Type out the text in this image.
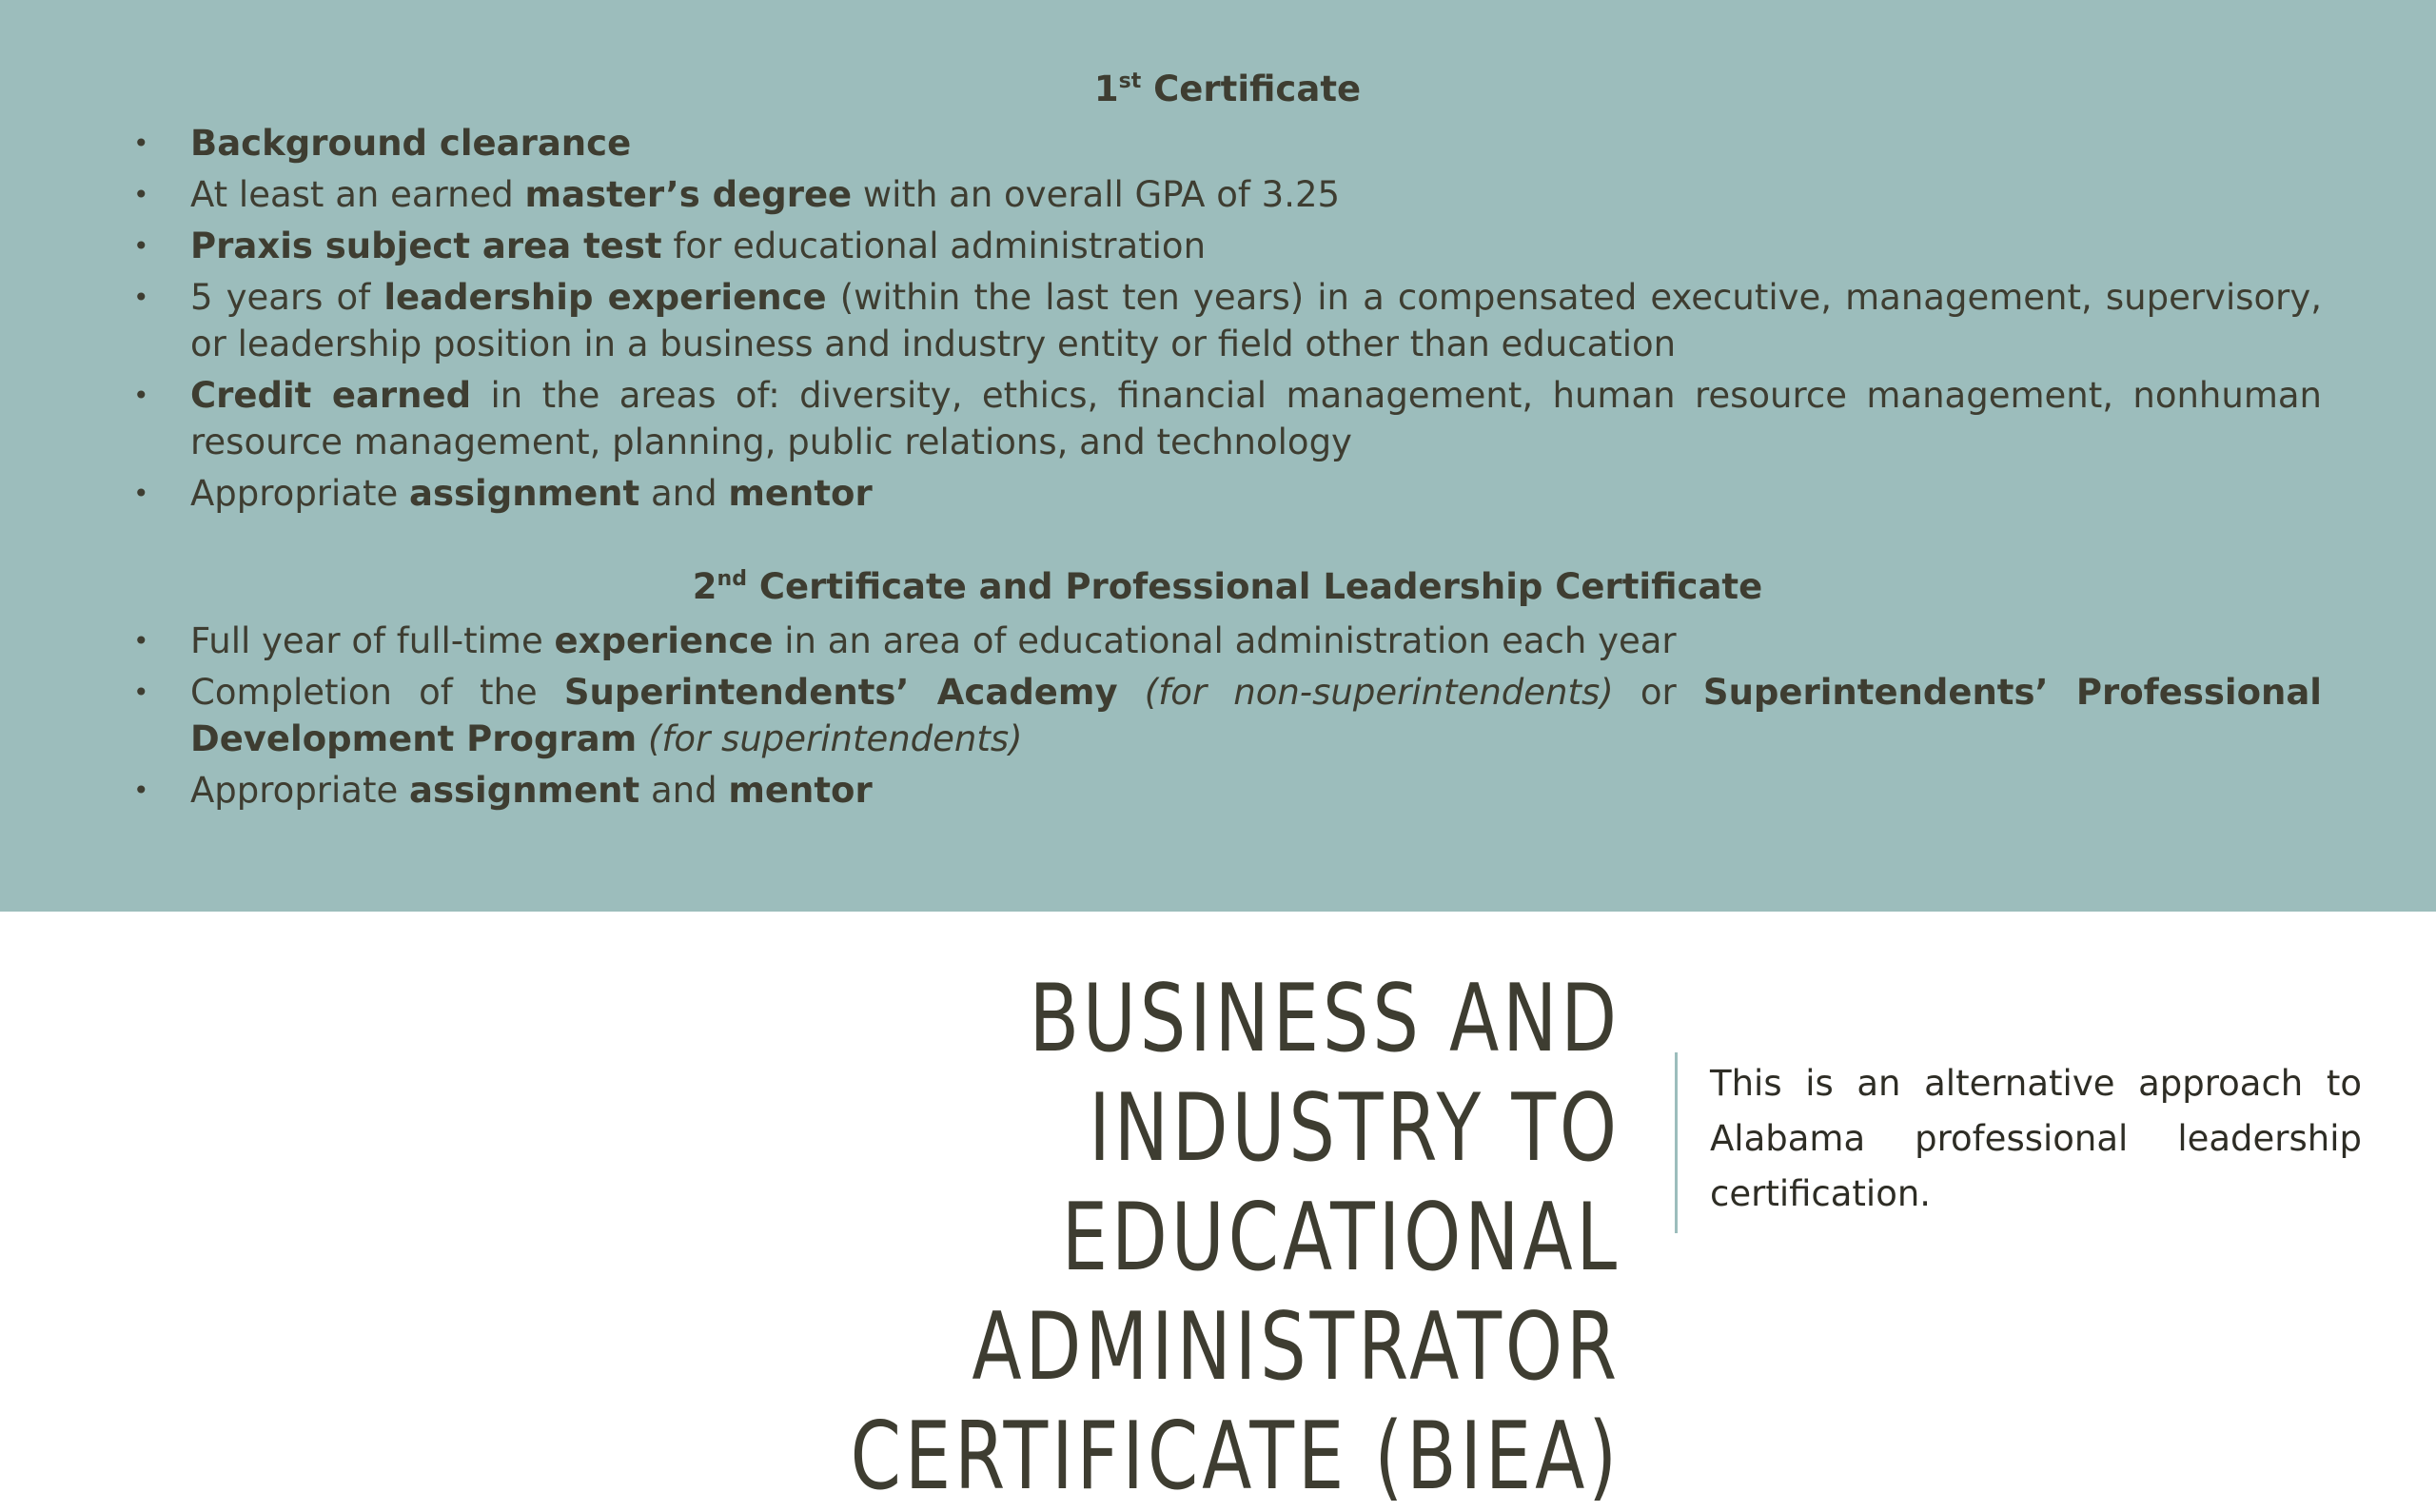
1st Certificate

• Background clearance
• At least an earned master’s degree with an overall GPA of 3.25
• Praxis subject area test for educational administration
• 5 years of leadership experience (within the last ten years) in a compensated executive, management, supervisory, or leadership position in a business and industry entity or field other than education
• Credit earned in the areas of: diversity, ethics, financial management, human resource management, nonhuman resource management, planning, public relations, and technology
• Appropriate assignment and mentor

2nd Certificate and Professional Leadership Certificate

• Full year of full-time experience in an area of educational administration each year
• Completion of the Superintendents’ Academy (for non-superintendents) or Superintendents’ Professional Development Program (for superintendents)
• Appropriate assignment and mentor
BUSINESS AND INDUSTRY TO
EDUCATIONAL ADMINISTRATOR
CERTIFICATE (BIEA)
This is an alternative approach to Alabama professional leadership certification.
